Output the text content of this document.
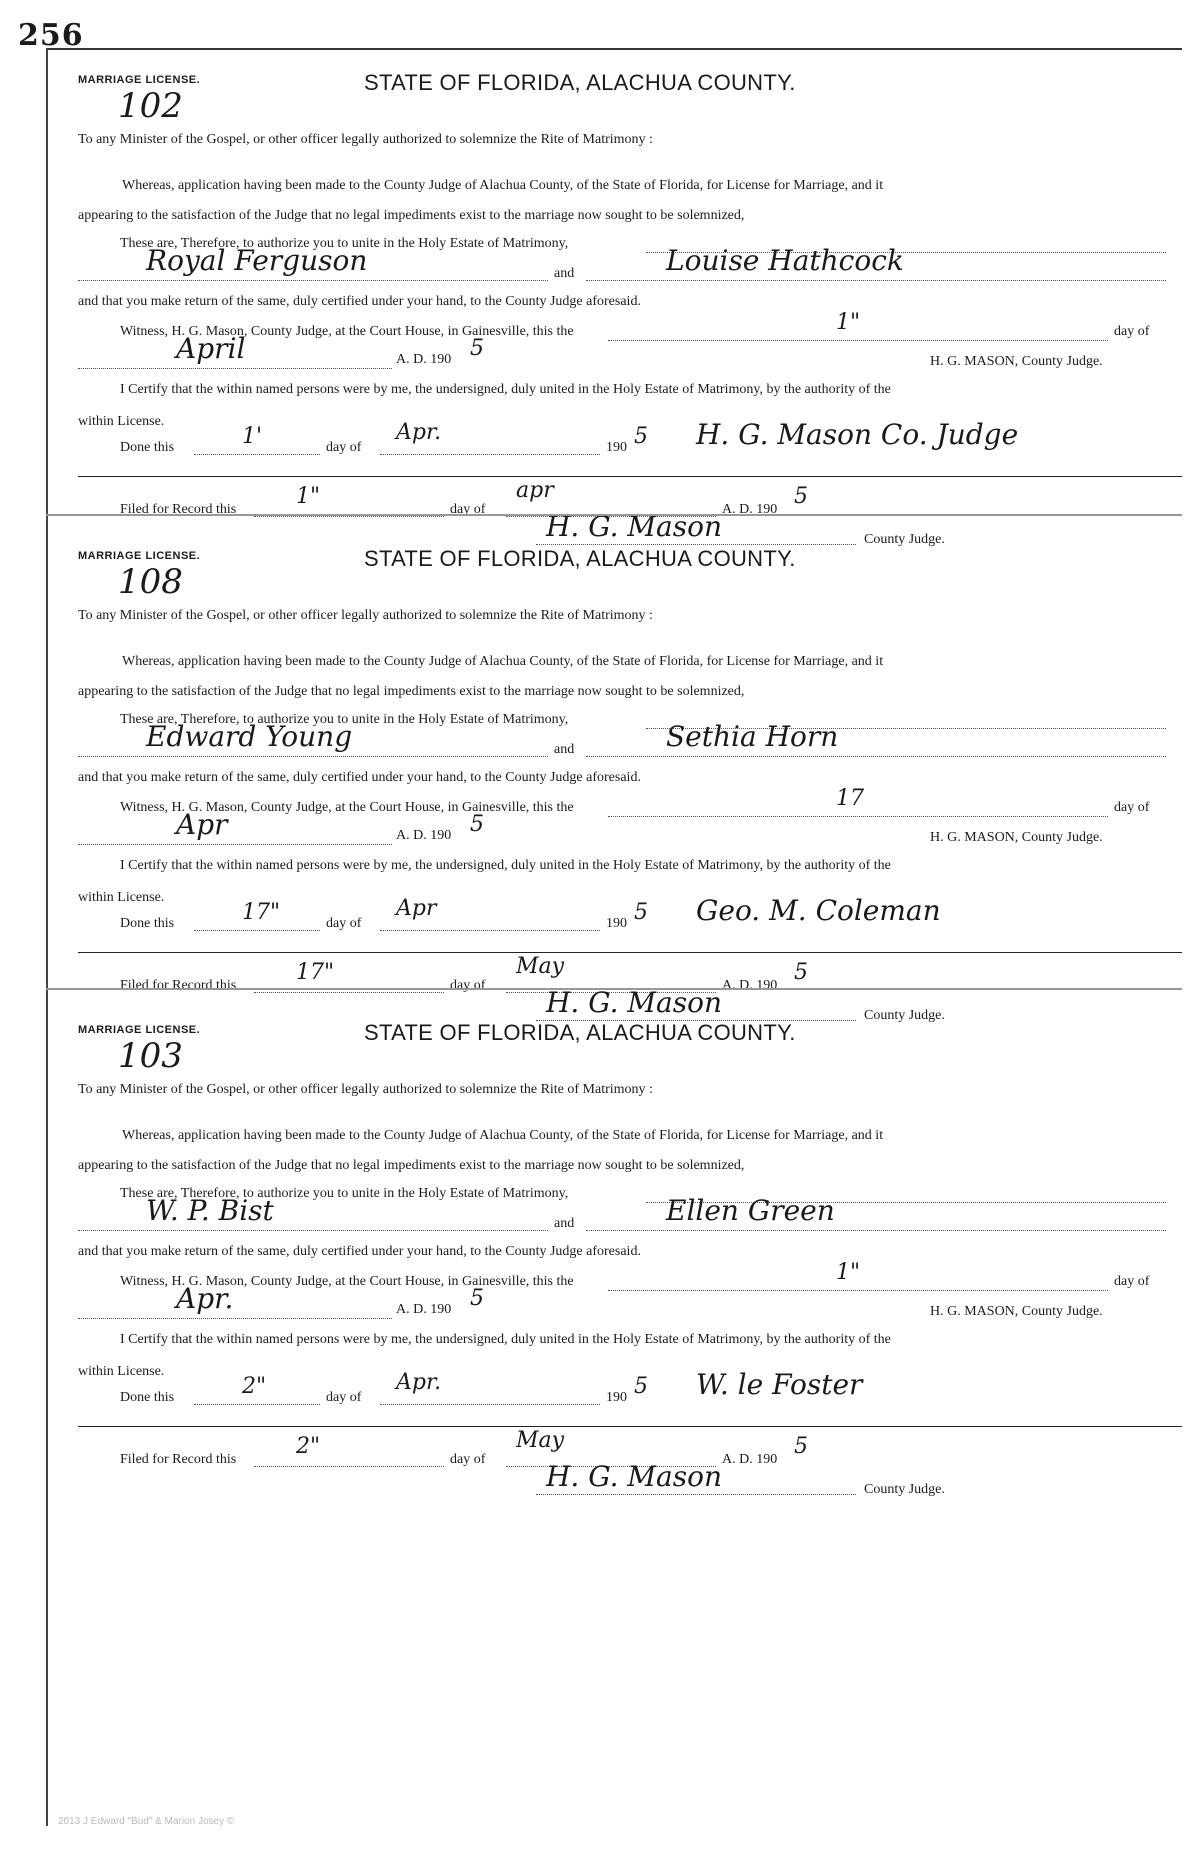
256
MARRIAGE LICENSE.
102
STATE OF FLORIDA, ALACHUA COUNTY.
To any Minister of the Gospel, or other officer legally authorized to solemnize the Rite of Matrimony :
Whereas, application having been made to the County Judge of Alachua County, of the State of Florida, for License for Marriage, and it
appearing to the satisfaction of the Judge that no legal impediments exist to the marriage now sought to be solemnized,
These are, Therefore, to authorize you to unite in the Holy Estate of Matrimony,
Royal Ferguson	and	Louise Hathcock
and that you make return of the same, duly certified under your hand, to the County Judge aforesaid.
Witness, H. G. Mason, County Judge, at the Court House, in Gainesville, this the	1"	day of
April	A. D. 190 5
H. G. MASON, County Judge.
I Certify that the within named persons were by me, the undersigned, duly united in the Holy Estate of Matrimony, by the authority of the
within License.
Done this	1'	day of
Apr.
190 5 H. G. Mason Co. Judge
Filed for Record this
1"
day of
apr
A. D. 190
5
H. G. Mason	County Judge.
MARRIAGE LICENSE.
108
STATE OF FLORIDA, ALACHUA COUNTY.
To any Minister of the Gospel, or other officer legally authorized to solemnize the Rite of Matrimony :
Whereas, application having been made to the County Judge of Alachua County, of the State of Florida, for License for Marriage, and it
appearing to the satisfaction of the Judge that no legal impediments exist to the marriage now sought to be solemnized,
These are, Therefore, to authorize you to unite in the Holy Estate of Matrimony,
Edward Young	and	Sethia Horn
and that you make return of the same, duly certified under your hand, to the County Judge aforesaid.
Witness, H. G. Mason, County Judge, at the Court House, in Gainesville, this the	17	day of
Apr	A. D. 190 5
H. G. MASON, County Judge.
I Certify that the within named persons were by me, the undersigned, duly united in the Holy Estate of Matrimony, by the authority of the
within License.
Done this	17"	day of
Apr
190 5 Geo. M. Coleman
Filed for Record this
17"
day of
May
A. D. 190
5
H. G. Mason	County Judge.
MARRIAGE LICENSE.
103
STATE OF FLORIDA, ALACHUA COUNTY.
To any Minister of the Gospel, or other officer legally authorized to solemnize the Rite of Matrimony :
Whereas, application having been made to the County Judge of Alachua County, of the State of Florida, for License for Marriage, and it
appearing to the satisfaction of the Judge that no legal impediments exist to the marriage now sought to be solemnized,
These are, Therefore, to authorize you to unite in the Holy Estate of Matrimony,
W. P. Bist	and	Ellen Green
and that you make return of the same, duly certified under your hand, to the County Judge aforesaid.
Witness, H. G. Mason, County Judge, at the Court House, in Gainesville, this the	1"	day of
Apr.	A. D. 190 5
H. G. MASON, County Judge.
I Certify that the within named persons were by me, the undersigned, duly united in the Holy Estate of Matrimony, by the authority of the
within License.
Done this	2"	day of
Apr.
190 5 W. le Foster
Filed for Record this
2"
day of
May
A. D. 190
5
H. G. Mason	County Judge.
2013 J Edward "Bud" & Marion Josey ©
